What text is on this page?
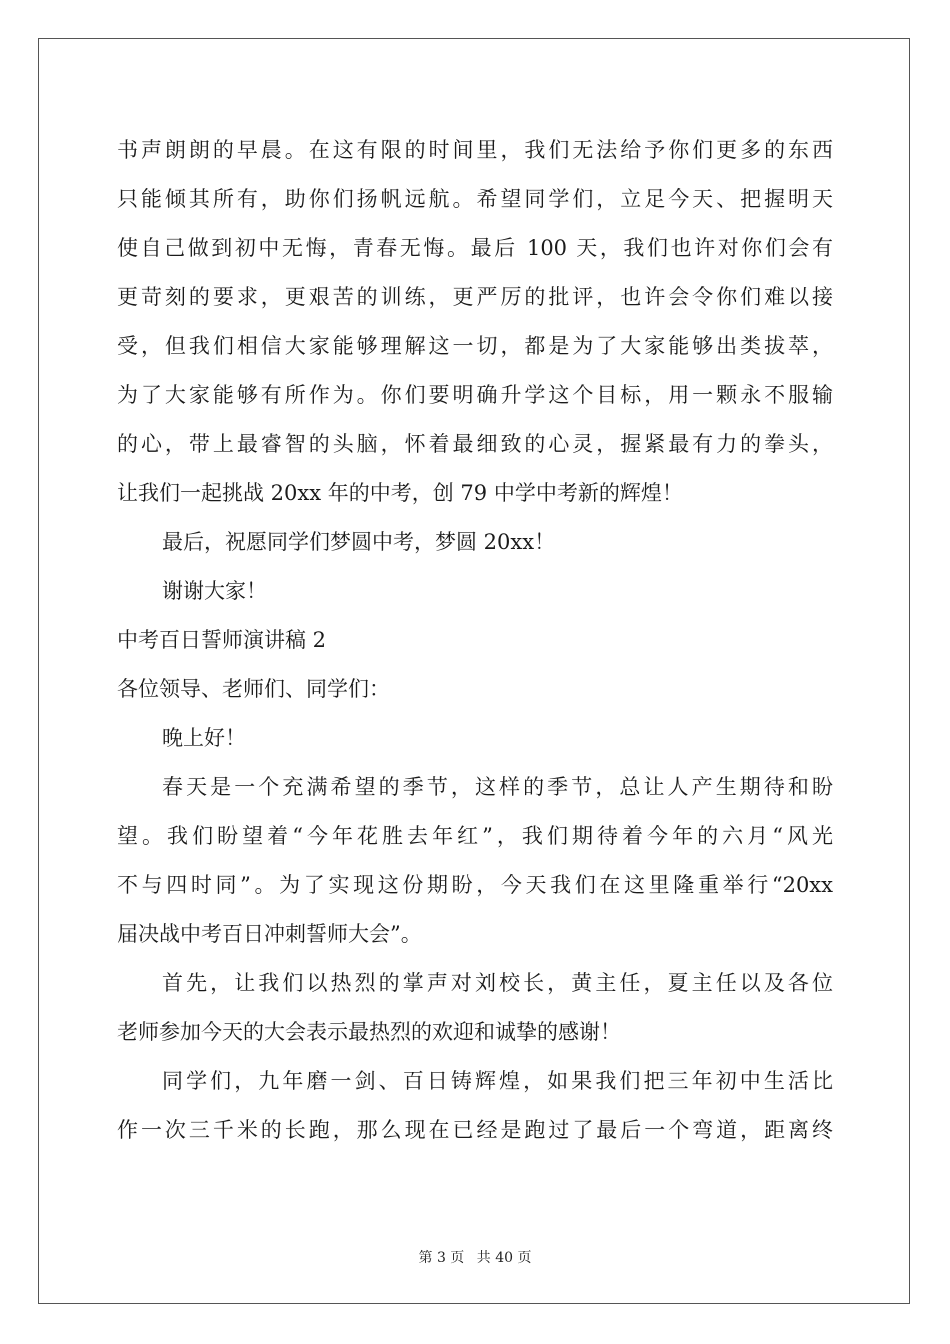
书声朗朗的早晨。在这有限的时间里，我们无法给予你们更多的东西
只能倾其所有，助你们扬帆远航。希望同学们，立足今天、把握明天
使自己做到初中无悔，青春无悔。最后 100 天，我们也许对你们会有
更苛刻的要求，更艰苦的训练，更严厉的批评，也许会令你们难以接
受，但我们相信大家能够理解这一切，都是为了大家能够出类拔萃，
为了大家能够有所作为。你们要明确升学这个目标，用一颗永不服输
的心，带上最睿智的头脑，怀着最细致的心灵，握紧最有力的拳头，
让我们一起挑战 20xx 年的中考，创 79 中学中考新的辉煌！
最后，祝愿同学们梦圆中考，梦圆 20xx！
谢谢大家！
中考百日誓师演讲稿 2
各位领导、老师们、同学们：
晚上好！
春天是一个充满希望的季节，这样的季节，总让人产生期待和盼
望。我们盼望着“今年花胜去年红”，我们期待着今年的六月“风光
不与四时同”。为了实现这份期盼，今天我们在这里隆重举行“20xx
届决战中考百日冲刺誓师大会”。
首先，让我们以热烈的掌声对刘校长，黄主任，夏主任以及各位
老师参加今天的大会表示最热烈的欢迎和诚挚的感谢！
同学们，九年磨一剑、百日铸辉煌，如果我们把三年初中生活比
作一次三千米的长跑，那么现在已经是跑过了最后一个弯道，距离终
第 3 页 共 40 页
